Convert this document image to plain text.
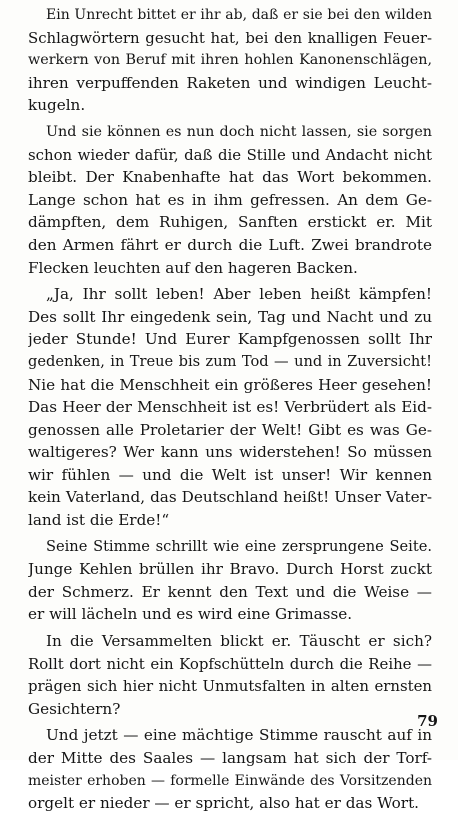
Ein Unrecht bittet er ihr ab, daß er sie bei den wilden
Schlagwörtern gesucht hat, bei den knalligen Feuer-
werkern von Beruf mit ihren hohlen Kanonenschlägen,
ihren verpuffenden Raketen und windigen Leucht-
kugeln.
Und sie können es nun doch nicht lassen, sie sorgen
schon wieder dafür, daß die Stille und Andacht nicht
bleibt. Der Knabenhafte hat das Wort bekommen.
Lange schon hat es in ihm gefressen. An dem Ge-
dämpften, dem Ruhigen, Sanften erstickt er. Mit
den Armen fährt er durch die Luft. Zwei brandrote
Flecken leuchten auf den hageren Backen.
„Ja, Ihr sollt leben! Aber leben heißt kämpfen!
Des sollt Ihr eingedenk sein, Tag und Nacht und zu
jeder Stunde! Und Eurer Kampfgenossen sollt Ihr
gedenken, in Treue bis zum Tod — und in Zuversicht!
Nie hat die Menschheit ein größeres Heer gesehen!
Das Heer der Menschheit ist es! Verbrüdert als Eid-
genossen alle Proletarier der Welt! Gibt es was Ge-
waltigeres? Wer kann uns widerstehen! So müssen
wir fühlen — und die Welt ist unser! Wir kennen
kein Vaterland, das Deutschland heißt! Unser Vater-
land ist die Erde!“
Seine Stimme schrillt wie eine zersprungene Seite.
Junge Kehlen brüllen ihr Bravo. Durch Horst zuckt
der Schmerz. Er kennt den Text und die Weise —
er will lächeln und es wird eine Grimasse.
In die Versammelten blickt er. Täuscht er sich?
Rollt dort nicht ein Kopfschütteln durch die Reihe —
prägen sich hier nicht Unmutsfalten in alten ernsten
Gesichtern?
Und jetzt — eine mächtige Stimme rauscht auf in
der Mitte des Saales — langsam hat sich der Torf-
meister erhoben — formelle Einwände des Vorsitzenden
orgelt er nieder — er spricht, also hat er das Wort.
79
